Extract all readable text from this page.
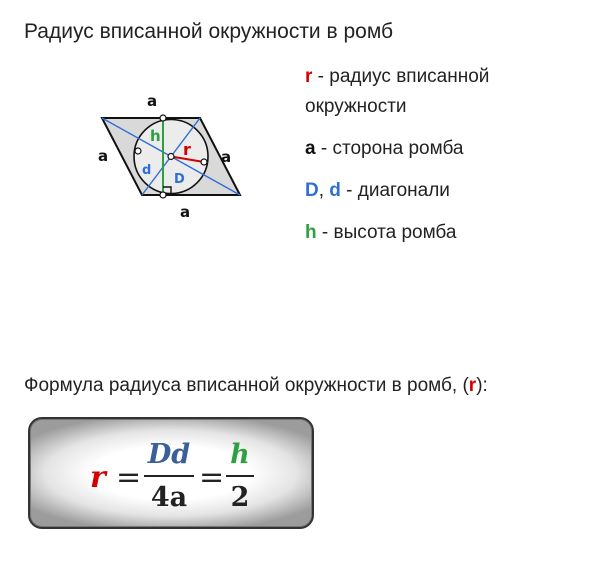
Радиус вписанной окружности в ромб
a
a	a
a
h
r
d
D
r - радиус вписанной окружности
a - сторона ромба
D, d - диагонали
h - высота ромба
Формула радиуса вписанной окружности в ромб, (r):
r =
Dd
4a
=
h
2
